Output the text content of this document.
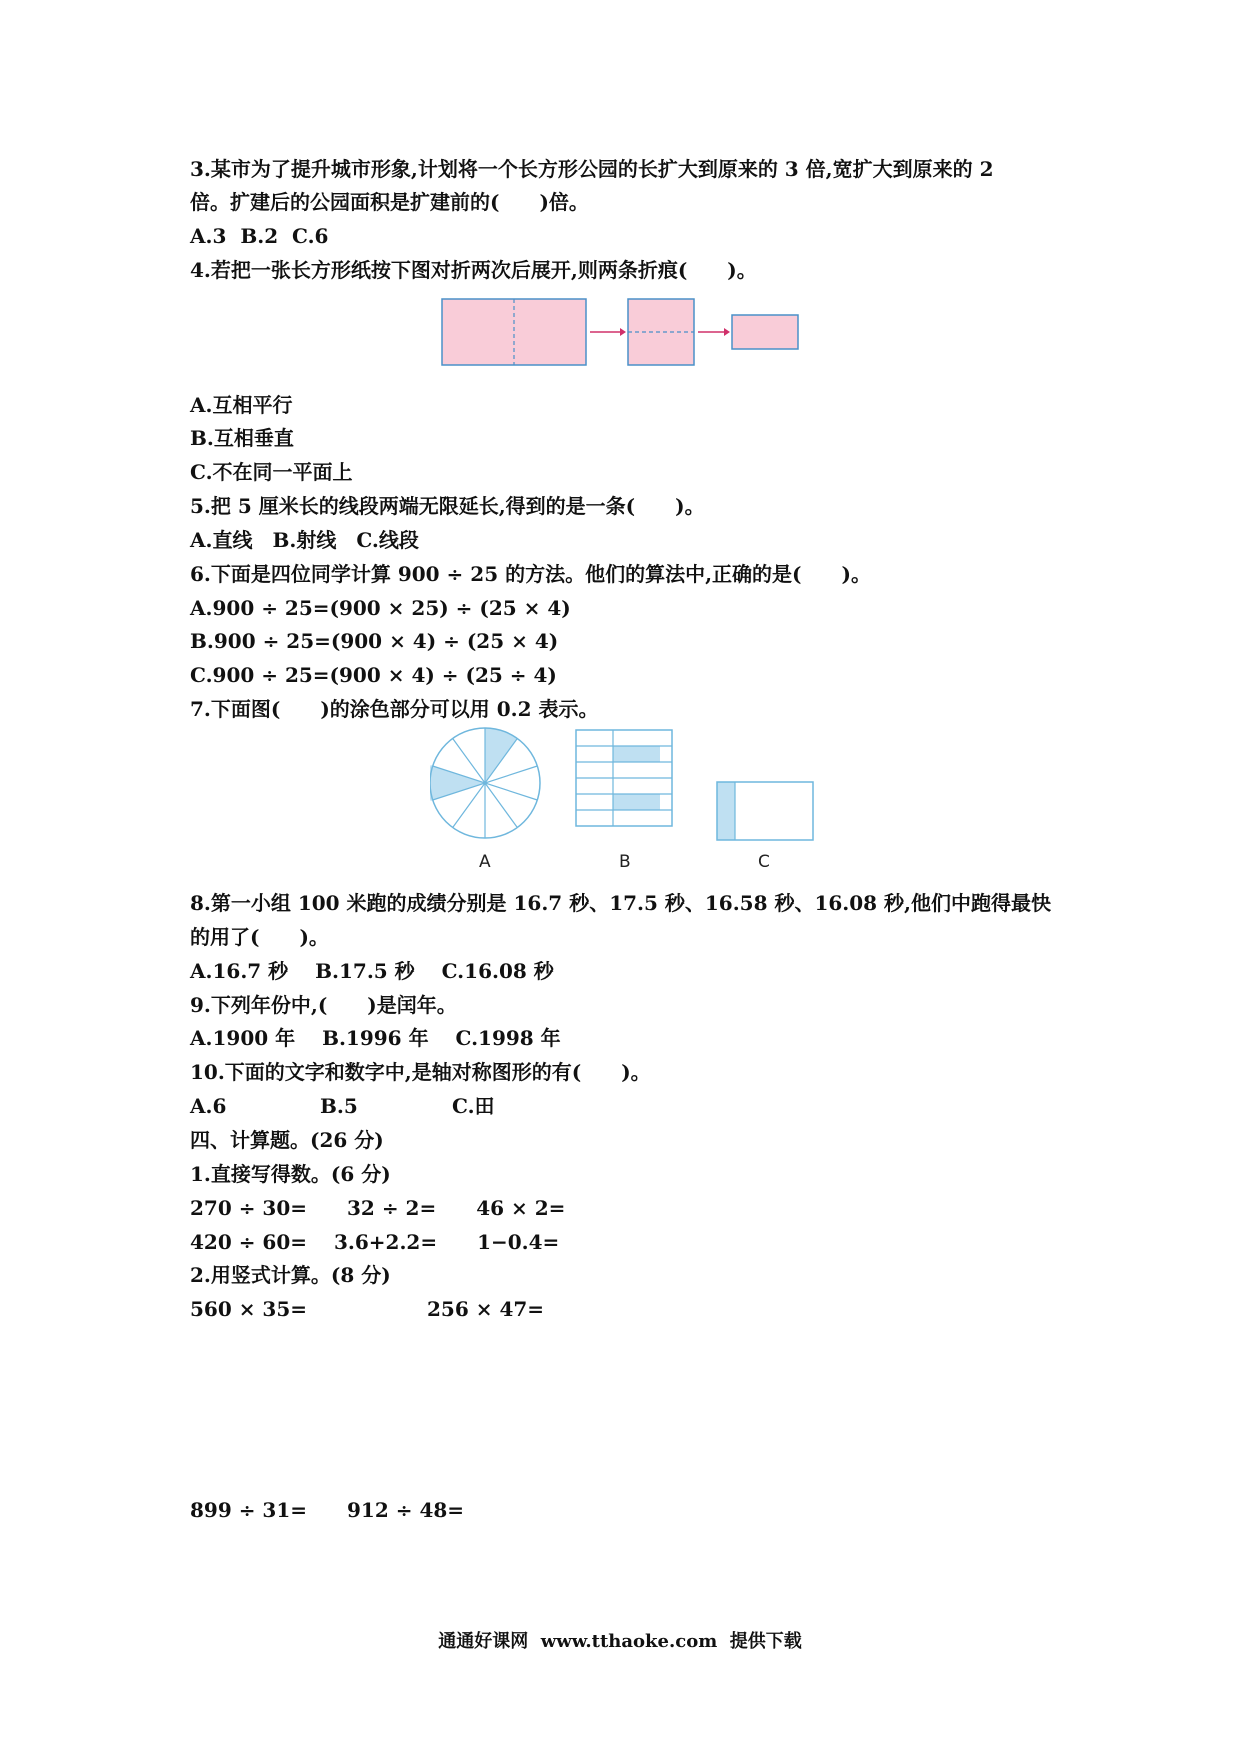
3.某市为了提升城市形象,计划将一个长方形公园的长扩大到原来的 3 倍,宽扩大到原来的 2
倍。扩建后的公园面积是扩建前的(　　)倍。
A.3  B.2  C.6
4.若把一张长方形纸按下图对折两次后展开,则两条折痕(　　)。
A.互相平行
B.互相垂直
C.不在同一平面上
5.把 5 厘米长的线段两端无限延长,得到的是一条(　　)。
A.直线　B.射线　C.线段
6.下面是四位同学计算 900 ÷ 25 的方法。他们的算法中,正确的是(　　)。
A.900 ÷ 25=(900 × 25) ÷ (25 × 4)
B.900 ÷ 25=(900 × 4) ÷ (25 × 4)
C.900 ÷ 25=(900 × 4) ÷ (25 ÷ 4)
7.下面图(　　)的涂色部分可以用 0.2 表示。
A	B	C
8.第一小组 100 米跑的成绩分别是 16.7 秒、17.5 秒、16.58 秒、16.08 秒,他们中跑得最快
的用了(　　)。
A.16.7 秒　 B.17.5 秒　 C.16.08 秒
9.下列年份中,(　　)是闰年。
A.1900 年　 B.1996 年　 C.1998 年
10.下面的文字和数字中,是轴对称图形的有(　　)。
A.6	B.5	C.田
四、计算题。(26 分)
1.直接写得数。(6 分)
270 ÷ 30=　　32 ÷ 2=　　46 × 2=
420 ÷ 60=　 3.6+2.2=　　1−0.4=
2.用竖式计算。(8 分)
560 × 35=　　　　　　256 × 47=
899 ÷ 31=　　912 ÷ 48=
通通好课网  www.tthaoke.com  提供下载
